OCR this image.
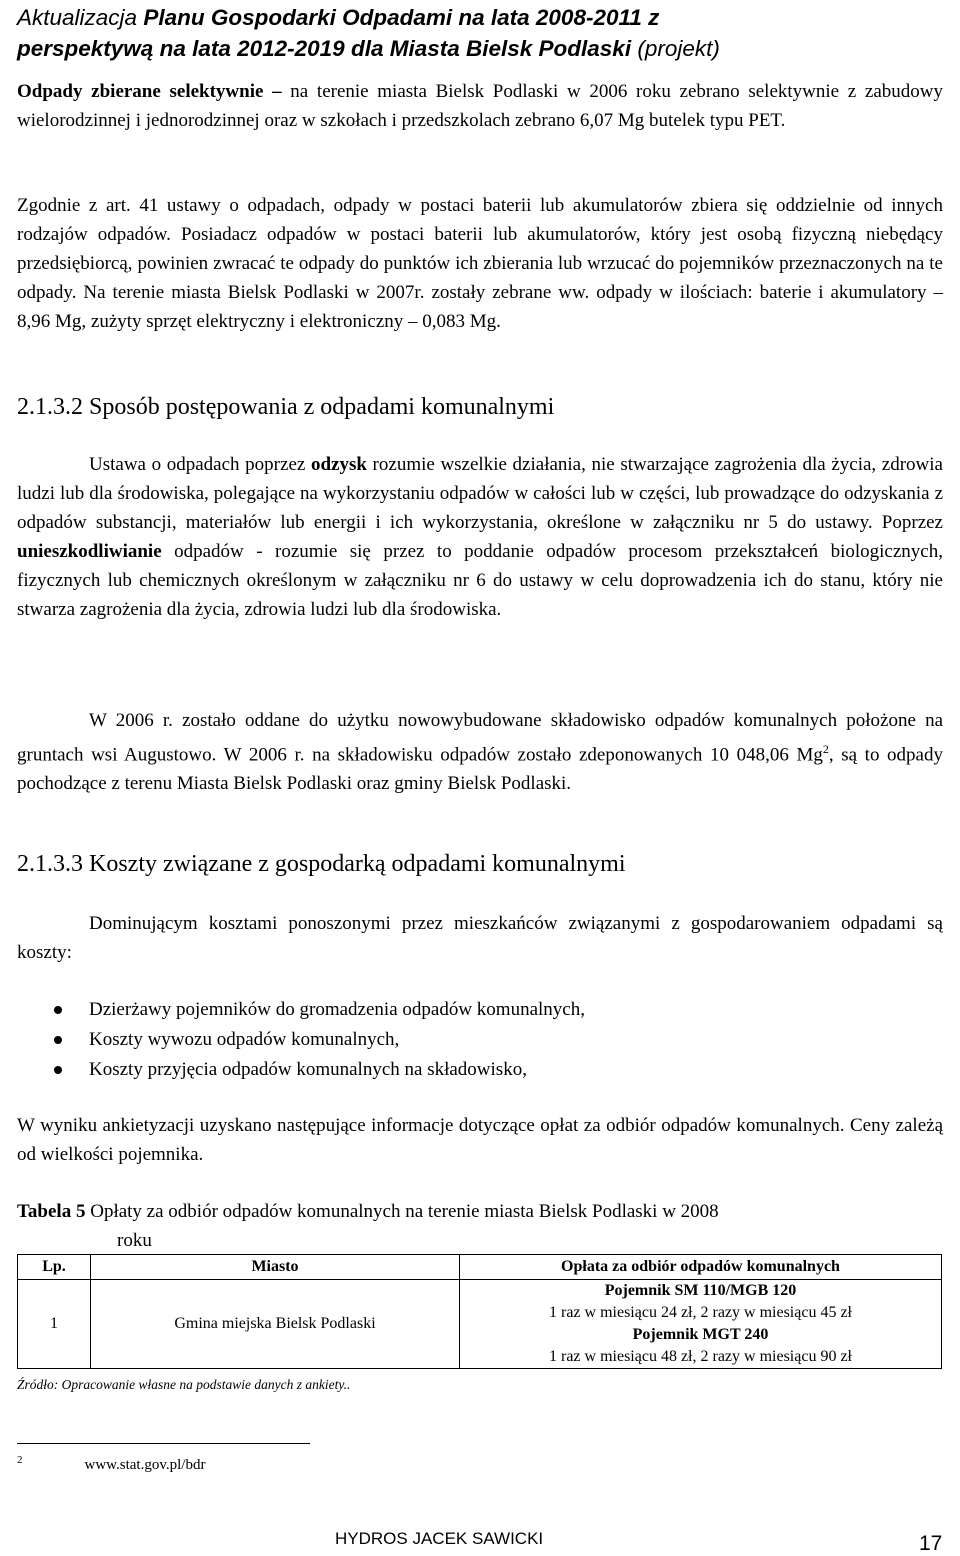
Aktualizacja Planu Gospodarki Odpadami na lata 2008-2011 z
perspektywą na lata 2012-2019 dla Miasta Bielsk Podlaski (projekt)
Odpady zbierane selektywnie – na terenie miasta Bielsk Podlaski w 2006 roku zebrano selektywnie z zabudowy wielorodzinnej i jednorodzinnej oraz w szkołach i przedszkolach zebrano 6,07 Mg butelek typu PET.
Zgodnie z art. 41 ustawy o odpadach, odpady w postaci baterii lub akumulatorów zbiera się oddzielnie od innych rodzajów odpadów. Posiadacz odpadów w postaci baterii lub akumulatorów, który jest osobą fizyczną niebędący przedsiębiorcą, powinien zwracać te odpady do punktów ich zbierania lub wrzucać do pojemników przeznaczonych na te odpady. Na terenie miasta Bielsk Podlaski w 2007r. zostały zebrane ww. odpady w ilościach: baterie i akumulatory – 8,96 Mg, zużyty sprzęt elektryczny i elektroniczny – 0,083 Mg.
2.1.3.2 Sposób postępowania z odpadami komunalnymi
Ustawa o odpadach poprzez odzysk rozumie wszelkie działania, nie stwarzające zagrożenia dla życia, zdrowia ludzi lub dla środowiska, polegające na wykorzystaniu odpadów w całości lub w części, lub prowadzące do odzyskania z odpadów substancji, materiałów lub energii i ich wykorzystania, określone w załączniku nr 5 do ustawy. Poprzez unieszkodliwianie odpadów - rozumie się przez to poddanie odpadów procesom przekształceń biologicznych, fizycznych lub chemicznych określonym w załączniku nr 6 do ustawy w celu doprowadzenia ich do stanu, który nie stwarza zagrożenia dla życia, zdrowia ludzi lub dla środowiska.
W 2006 r. zostało oddane do użytku nowowybudowane składowisko odpadów komunalnych położone na gruntach wsi Augustowo. W 2006 r. na składowisku odpadów zostało zdeponowanych 10 048,06 Mg$^2$, są to odpady pochodzące z terenu Miasta Bielsk Podlaski oraz gminy Bielsk Podlaski.
2.1.3.3 Koszty związane z gospodarką odpadami komunalnymi
Dominującym kosztami ponoszonymi przez mieszkańców związanymi z gospodarowaniem odpadami są koszty:
Dzierżawy pojemników do gromadzenia odpadów komunalnych,
Koszty wywozu odpadów komunalnych,
Koszty przyjęcia odpadów komunalnych na składowisko,
W wyniku ankietyzacji uzyskano następujące informacje dotyczące opłat za odbiór odpadów komunalnych. Ceny zależą od wielkości pojemnika.
Tabela 5 Opłaty za odbiór odpadów komunalnych na terenie miasta Bielsk Podlaski w 2008
roku
Lp.	Miasto	Opłata za odbiór odpadów komunalnych
1	Gmina miejska Bielsk Podlaski	Pojemnik SM 110/MGB 120
1 raz w miesiącu 24 zł, 2 razy w miesiącu 45 zł
Pojemnik MGT 240
1 raz w miesiącu 48 zł, 2 razy w miesiącu 90 zł
Źródło: Opracowanie własne na podstawie danych z ankiety..
$^2$	www.stat.gov.pl/bdr
HYDROS JACEK SAWICKI	17
